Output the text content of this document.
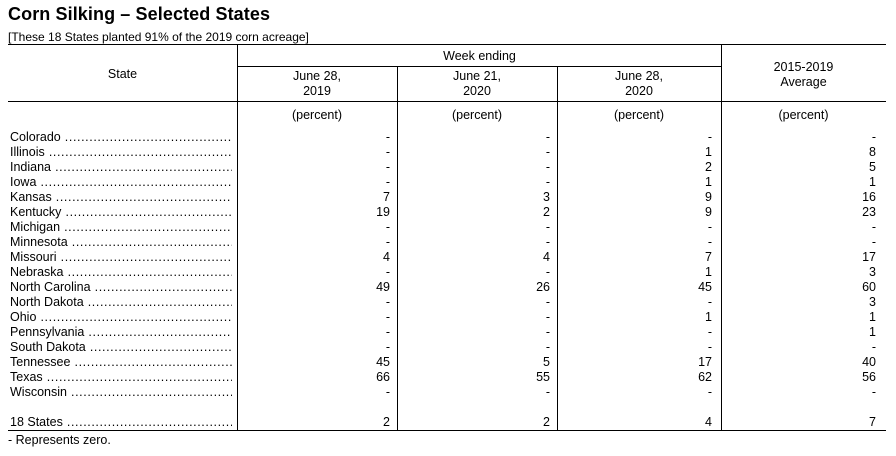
Corn Silking – Selected States
[These 18 States planted 91% of the 2019 corn acreage]
State
Week ending
June 28,
2019
June 21,
2020
June 28,
2020
2015-2019
Average
(percent)	(percent)	(percent)	(percent)
Colorado .....	-	-	-	-
Illinois .....	-	-	1	8
Indiana .....	-	-	2	5
Iowa .....	-	-	1	1
Kansas .....	7	3	9	16
Kentucky .....	19	2	9	23
Michigan .....	-	-	-	-
Minnesota .....	-	-	-	-
Missouri .....	4	4	7	17
Nebraska .....	-	-	1	3
North Carolina .....	49	26	45	60
North Dakota .....	-	-	-	3
Ohio .....	-	-	1	1
Pennsylvania .....	-	-	-	1
South Dakota .....	-	-	-	-
Tennessee .....	45	5	17	40
Texas .....	66	55	62	56
Wisconsin .....	-	-	-	-
18 States .....	2	2	4	7
- Represents zero.
